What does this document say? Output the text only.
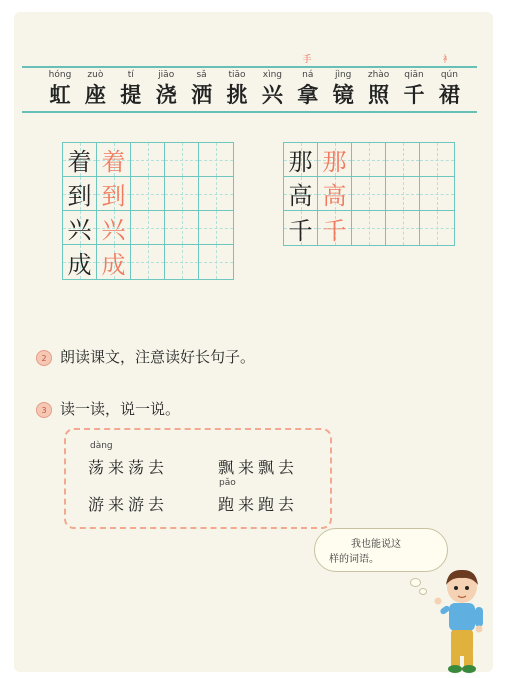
hóng
虹
zuò
座
tí
提
jiāo
浇
sǎ
洒
tiāo
挑
xìng
兴
ná
拿
jìng
镜
zhào
照
qiān
千
qún
裙
手	衤
着 着
到 到
兴 兴
成 成
那 那
高 高
千 千
2 朗读课文，注意读好长句子。
3 读一读，说一说。
dàng
荡来荡去	飘来飘去
游来游去
pǎo
跑来跑去
我也能说这
样的词语。
